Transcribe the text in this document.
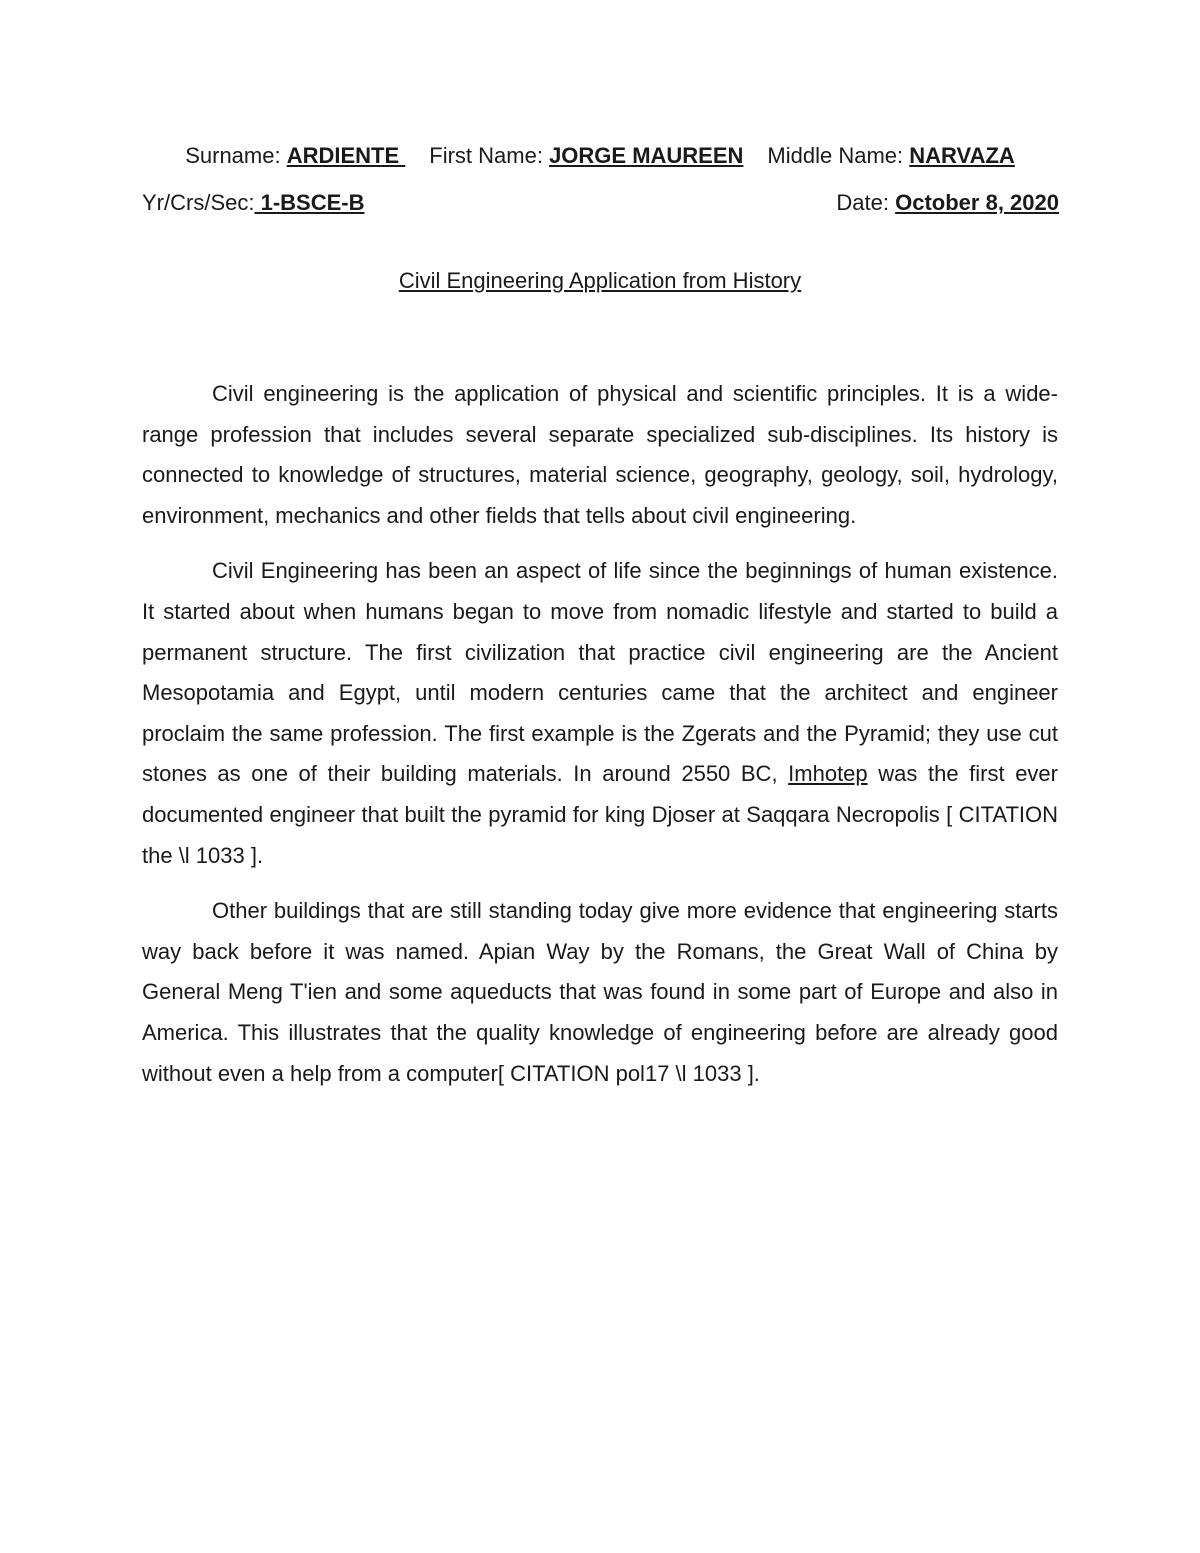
Surname: ARDIENTE First Name: JORGE MAUREEN Middle Name: NARVAZA
Yr/Crs/Sec: 1-BSCE-B	Date: October 8, 2020
Civil Engineering Application from History

Civil engineering is the application of physical and scientific principles. It is a wide-range profession that includes several separate specialized sub-disciplines. Its history is connected to knowledge of structures, material science, geography, geology, soil, hydrology, environment, mechanics and other fields that tells about civil engineering.

Civil Engineering has been an aspect of life since the beginnings of human existence. It started about when humans began to move from nomadic lifestyle and started to build a permanent structure. The first civilization that practice civil engineering are the Ancient Mesopotamia and Egypt, until modern centuries came that the architect and engineer proclaim the same profession. The first example is the Zgerats and the Pyramid; they use cut stones as one of their building materials. In around 2550 BC, Imhotep was the first ever documented engineer that built the pyramid for king Djoser at Saqqara Necropolis [ CITATION the \l 1033 ].

Other buildings that are still standing today give more evidence that engineering starts way back before it was named. Apian Way by the Romans, the Great Wall of China by General Meng T'ien and some aqueducts that was found in some part of Europe and also in America. This illustrates that the quality knowledge of engineering before are already good without even a help from a computer[ CITATION pol17 \l 1033 ].
